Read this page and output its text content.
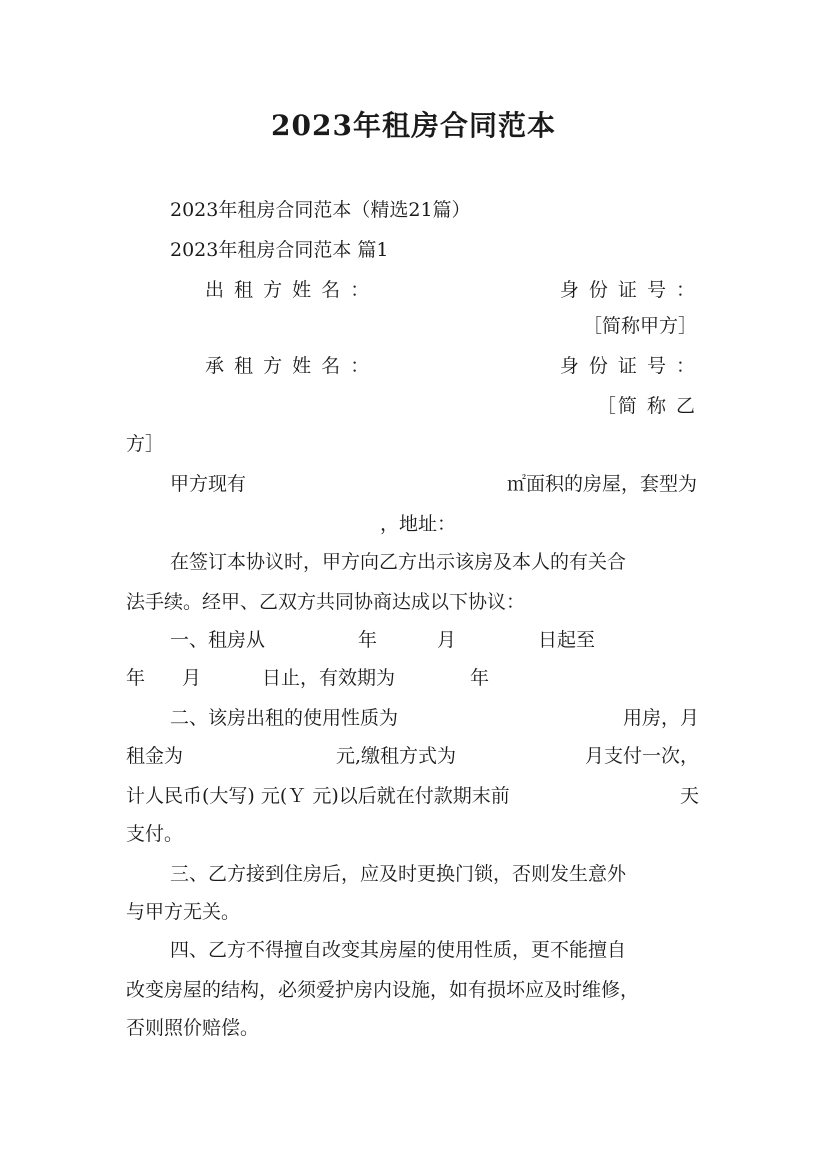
2023年租房合同范本
2023年租房合同范本（精选21篇）
2023年租房合同范本 篇1
出 租 方 姓 名 ：	身 份 证 号 ：
［简称甲方］
承 租 方 姓 名 ：	身 份 证 号 ：
［简 称 乙
方］
甲方现有	㎡面积的房屋，套型为
，地址：
在签订本协议时，甲方向乙方出示该房及本人的有关合
法手续。经甲、乙双方共同协商达成以下协议：
一、租房从	年	月	日起至
年 月	日止，有效期为	年
二、该房出租的使用性质为	用房，月
租金为	元,缴租方式为	月支付一次，
计人民币(大写) 元(Ｙ 元)以后就在付款期末前	天
支付。
三、乙方接到住房后，应及时更换门锁，否则发生意外
与甲方无关。
四、乙方不得擅自改变其房屋的使用性质，更不能擅自
改变房屋的结构，必须爱护房内设施，如有损坏应及时维修，
否则照价赔偿。
